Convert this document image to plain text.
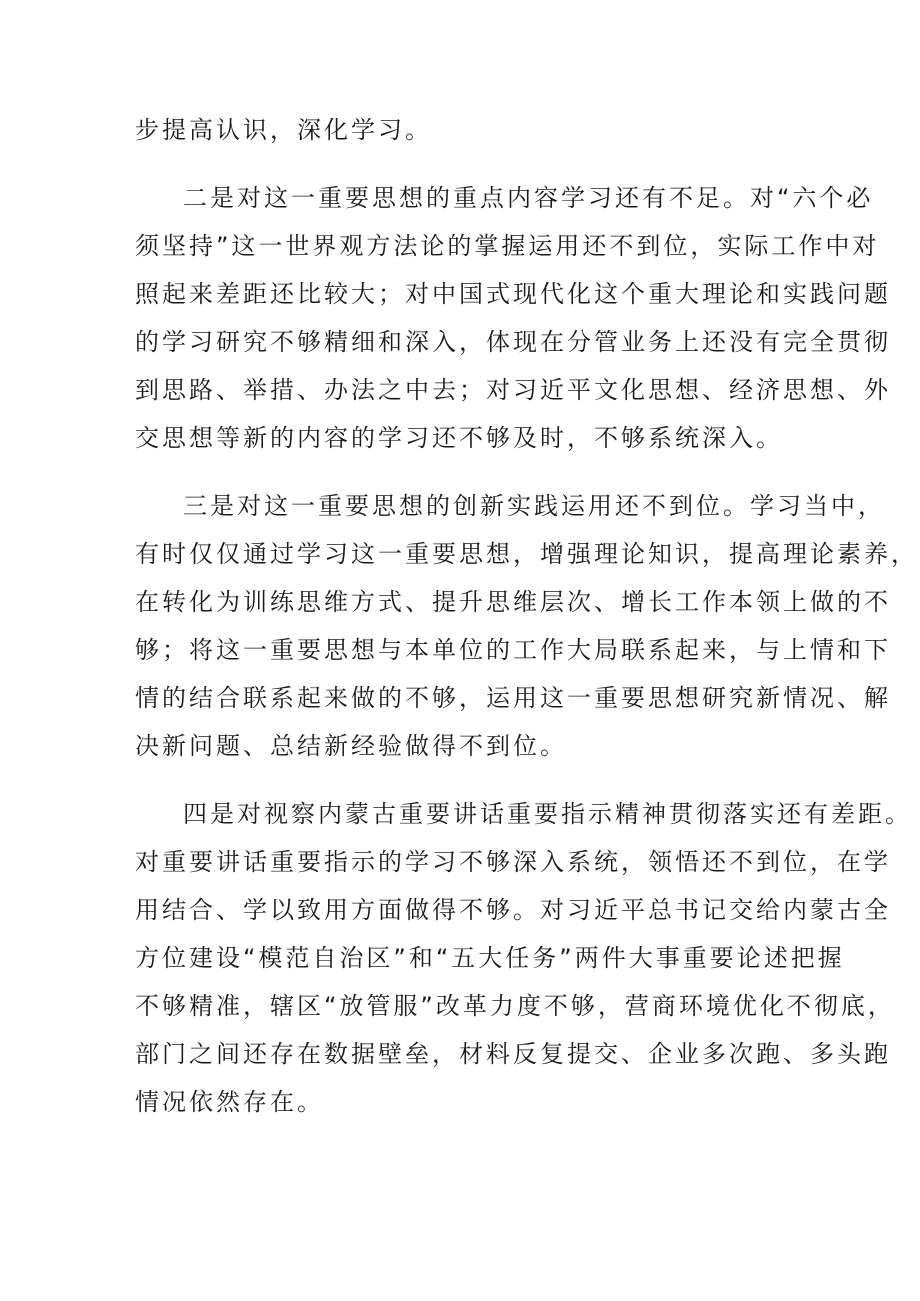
步提高认识，深化学习。
二是对这一重要思想的重点内容学习还有不足。对“六个必
须坚持”这一世界观方法论的掌握运用还不到位，实际工作中对
照起来差距还比较大；对中国式现代化这个重大理论和实践问题
的学习研究不够精细和深入，体现在分管业务上还没有完全贯彻
到思路、举措、办法之中去；对习近平文化思想、经济思想、外
交思想等新的内容的学习还不够及时，不够系统深入。
三是对这一重要思想的创新实践运用还不到位。学习当中，
有时仅仅通过学习这一重要思想，增强理论知识，提高理论素养，
在转化为训练思维方式、提升思维层次、增长工作本领上做的不
够；将这一重要思想与本单位的工作大局联系起来，与上情和下
情的结合联系起来做的不够，运用这一重要思想研究新情况、解
决新问题、总结新经验做得不到位。
四是对视察内蒙古重要讲话重要指示精神贯彻落实还有差距。
对重要讲话重要指示的学习不够深入系统，领悟还不到位，在学
用结合、学以致用方面做得不够。对习近平总书记交给内蒙古全
方位建设“模范自治区”和“五大任务”两件大事重要论述把握
不够精准，辖区“放管服”改革力度不够，营商环境优化不彻底，
部门之间还存在数据壁垒，材料反复提交、企业多次跑、多头跑
情况依然存在。
